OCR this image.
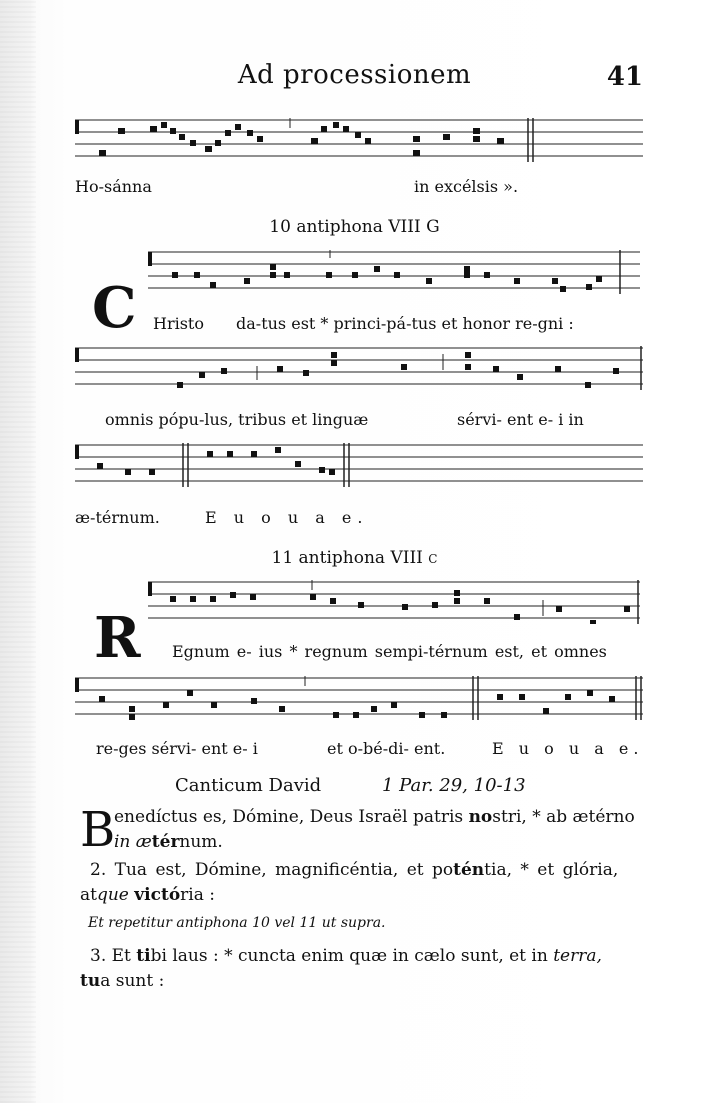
Ad processionem	41
Ho-sánna	in excélsis ».
10 antiphona VIII G
C Hristo da-tus est * princi-pá-tus et honor re-gni :
omnis pópu-lus, tribus et linguæ	sérvi- ent e- i in
æ-térnum.	E u o u a e.
11 antiphona VIII c
R Egnum e- ius * regnum sempi-térnum est, et omnes
re-ges sérvi- ent e- i	et o-bé-di- ent.	E u o u a e.
Canticum David	1 Par. 29, 10-13
B
enedíctus es, Dómine, Deus Israël patris nostri, * ab ætérno
in ætérnum.
2. Tua est, Dómine, magnificéntia, et poténtia, * et glória,
atque victória :
Et repetitur antiphona 10 vel 11 ut supra.
3. Et tibi laus : * cuncta enim quæ in cælo sunt, et in terra,
tua sunt :
